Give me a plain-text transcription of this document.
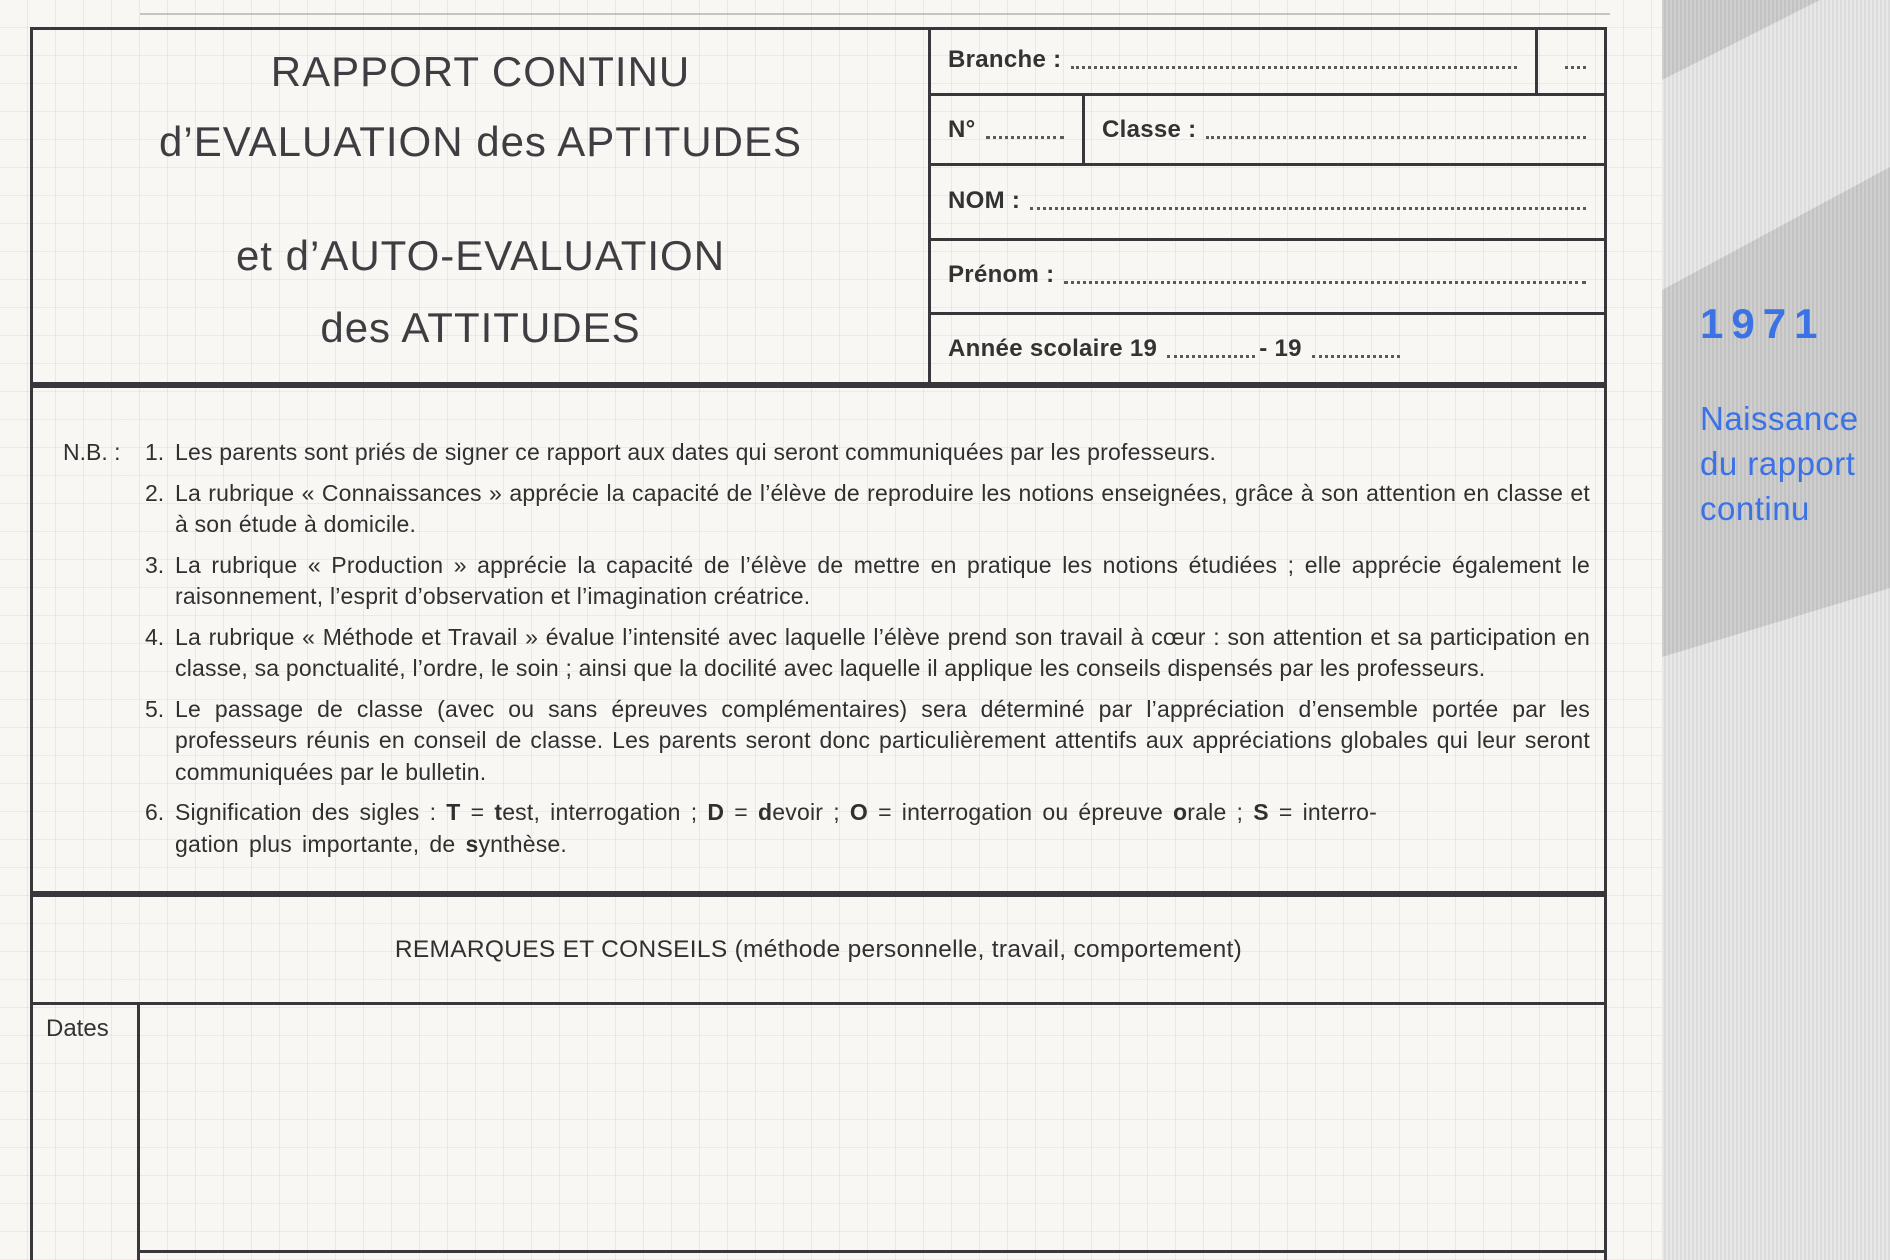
RAPPORT CONTINU
d’EVALUATION des APTITUDES
et d’AUTO-EVALUATION
des ATTITUDES
Branche :
N°	Classe :
NOM :
Prénom :
Année scolaire 19	- 19
N.B. :	1. Les parents sont priés de signer ce rapport aux dates qui seront communiquées par les professeurs.
2. La rubrique « Connaissances » apprécie la capacité de l’élève de reproduire les notions enseignées, grâce à son attention en classe et à son étude à domicile.
3. La rubrique « Production » apprécie la capacité de l’élève de mettre en pratique les notions étudiées ; elle apprécie également le raisonnement, l’esprit d’observation et l’imagination créatrice.
4. La rubrique « Méthode et Travail » évalue l’intensité avec laquelle l’élève prend son travail à cœur : son attention et sa participation en classe, sa ponctualité, l’ordre, le soin ; ainsi que la docilité avec laquelle il applique les conseils dispensés par les professeurs.
5. Le passage de classe (avec ou sans épreuves complémentaires) sera déterminé par l’appréciation d’ensemble portée par les professeurs réunis en conseil de classe. Les parents seront donc particulièrement attentifs aux appréciations globales qui leur seront communiquées par le bulletin.
6. Signification des sigles : T = test, interrogation ; D = devoir ; O = interrogation ou épreuve orale ; S = interro-
gation plus importante, de synthèse.
REMARQUES ET CONSEILS (méthode personnelle, travail, comportement)
Dates
1971
Naissance
du rapport
continu
